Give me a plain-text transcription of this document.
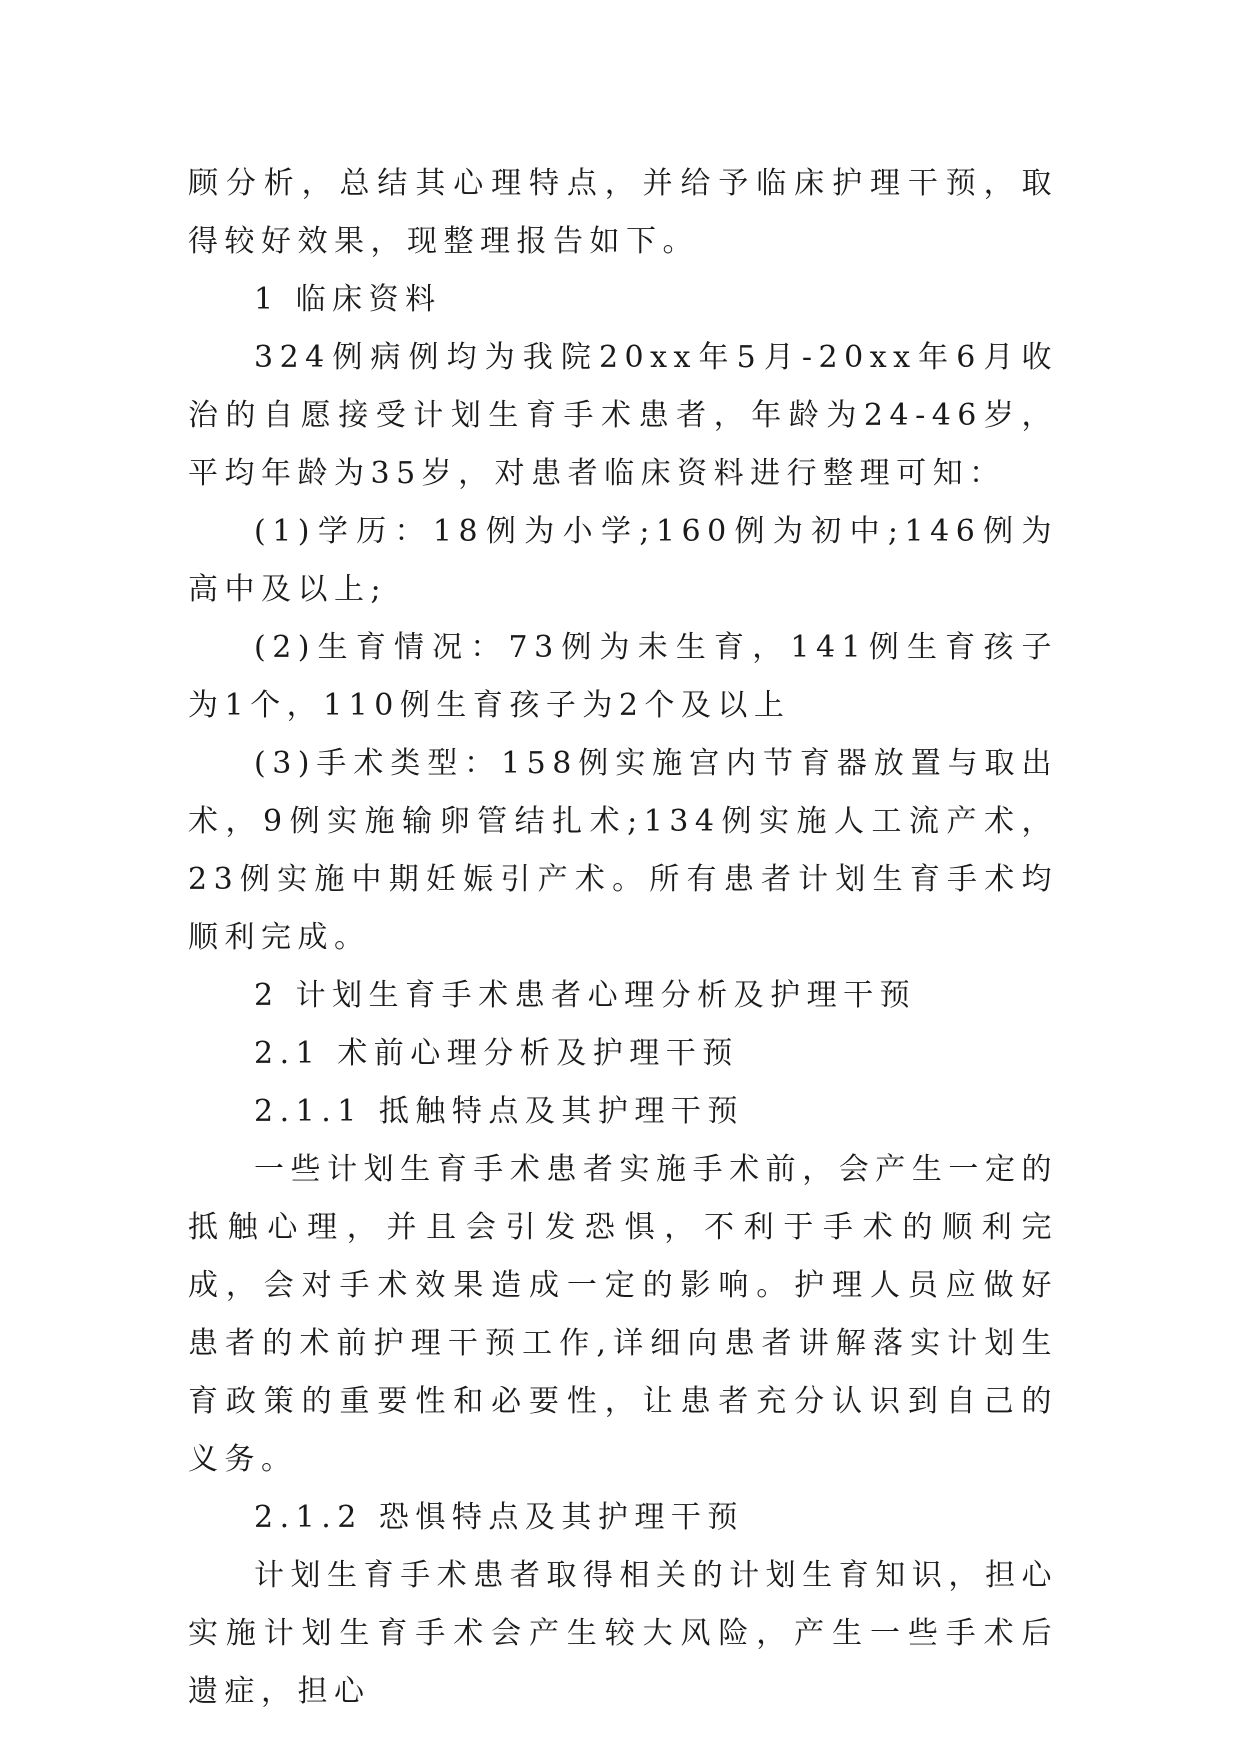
顾分析，总结其心理特点，并给予临床护理干预，取得较好效果，现整理报告如下。

1 临床资料

324例病例均为我院20xx年5月-20xx年6月收治的自愿接受计划生育手术患者，年龄为24-46岁，平均年龄为35岁，对患者临床资料进行整理可知：

(1)学历：18例为小学;160例为初中;146例为高中及以上;

(2)生育情况：73例为未生育，141例生育孩子为1个，110例生育孩子为2个及以上

(3)手术类型：158例实施宫内节育器放置与取出术，9例实施输卵管结扎术;134例实施人工流产术，23例实施中期妊娠引产术。所有患者计划生育手术均顺利完成。

2 计划生育手术患者心理分析及护理干预

2.1 术前心理分析及护理干预

2.1.1 抵触特点及其护理干预

一些计划生育手术患者实施手术前，会产生一定的抵触心理，并且会引发恐惧，不利于手术的顺利完成，会对手术效果造成一定的影响。护理人员应做好患者的术前护理干预工作,详细向患者讲解落实计划生育政策的重要性和必要性，让患者充分认识到自己的义务。

2.1.2 恐惧特点及其护理干预

计划生育手术患者取得相关的计划生育知识，担心实施计划生育手术会产生较大风险，产生一些手术后遗症，担心
